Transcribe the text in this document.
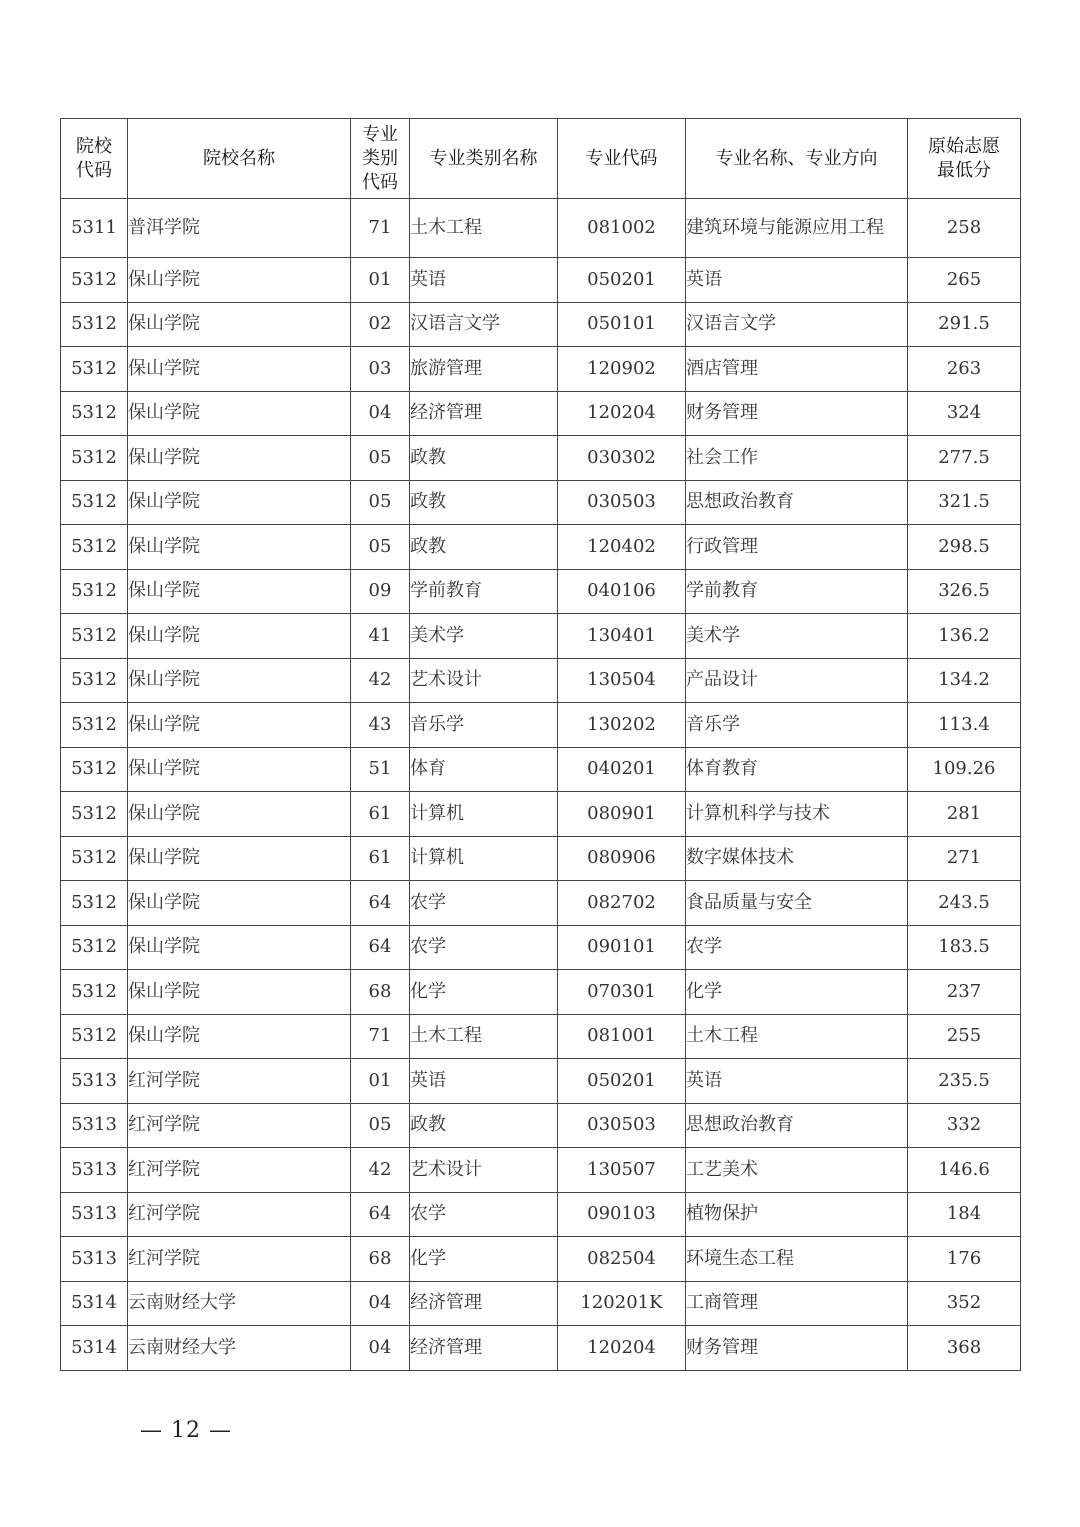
院校代码	院校名称	专业类别代码	专业类别名称	专业代码	专业名称、专业方向	原始志愿最低分
5311	普洱学院	71	土木工程	081002	建筑环境与能源应用工程	258
5312	保山学院	01	英语	050201	英语	265
5312	保山学院	02	汉语言文学	050101	汉语言文学	291.5
5312	保山学院	03	旅游管理	120902	酒店管理	263
5312	保山学院	04	经济管理	120204	财务管理	324
5312	保山学院	05	政教	030302	社会工作	277.5
5312	保山学院	05	政教	030503	思想政治教育	321.5
5312	保山学院	05	政教	120402	行政管理	298.5
5312	保山学院	09	学前教育	040106	学前教育	326.5
5312	保山学院	41	美术学	130401	美术学	136.2
5312	保山学院	42	艺术设计	130504	产品设计	134.2
5312	保山学院	43	音乐学	130202	音乐学	113.4
5312	保山学院	51	体育	040201	体育教育	109.26
5312	保山学院	61	计算机	080901	计算机科学与技术	281
5312	保山学院	61	计算机	080906	数字媒体技术	271
5312	保山学院	64	农学	082702	食品质量与安全	243.5
5312	保山学院	64	农学	090101	农学	183.5
5312	保山学院	68	化学	070301	化学	237
5312	保山学院	71	土木工程	081001	土木工程	255
5313	红河学院	01	英语	050201	英语	235.5
5313	红河学院	05	政教	030503	思想政治教育	332
5313	红河学院	42	艺术设计	130507	工艺美术	146.6
5313	红河学院	64	农学	090103	植物保护	184
5313	红河学院	68	化学	082504	环境生态工程	176
5314	云南财经大学	04	经济管理	120201K	工商管理	352
5314	云南财经大学	04	经济管理	120204	财务管理	368
— 12 —
